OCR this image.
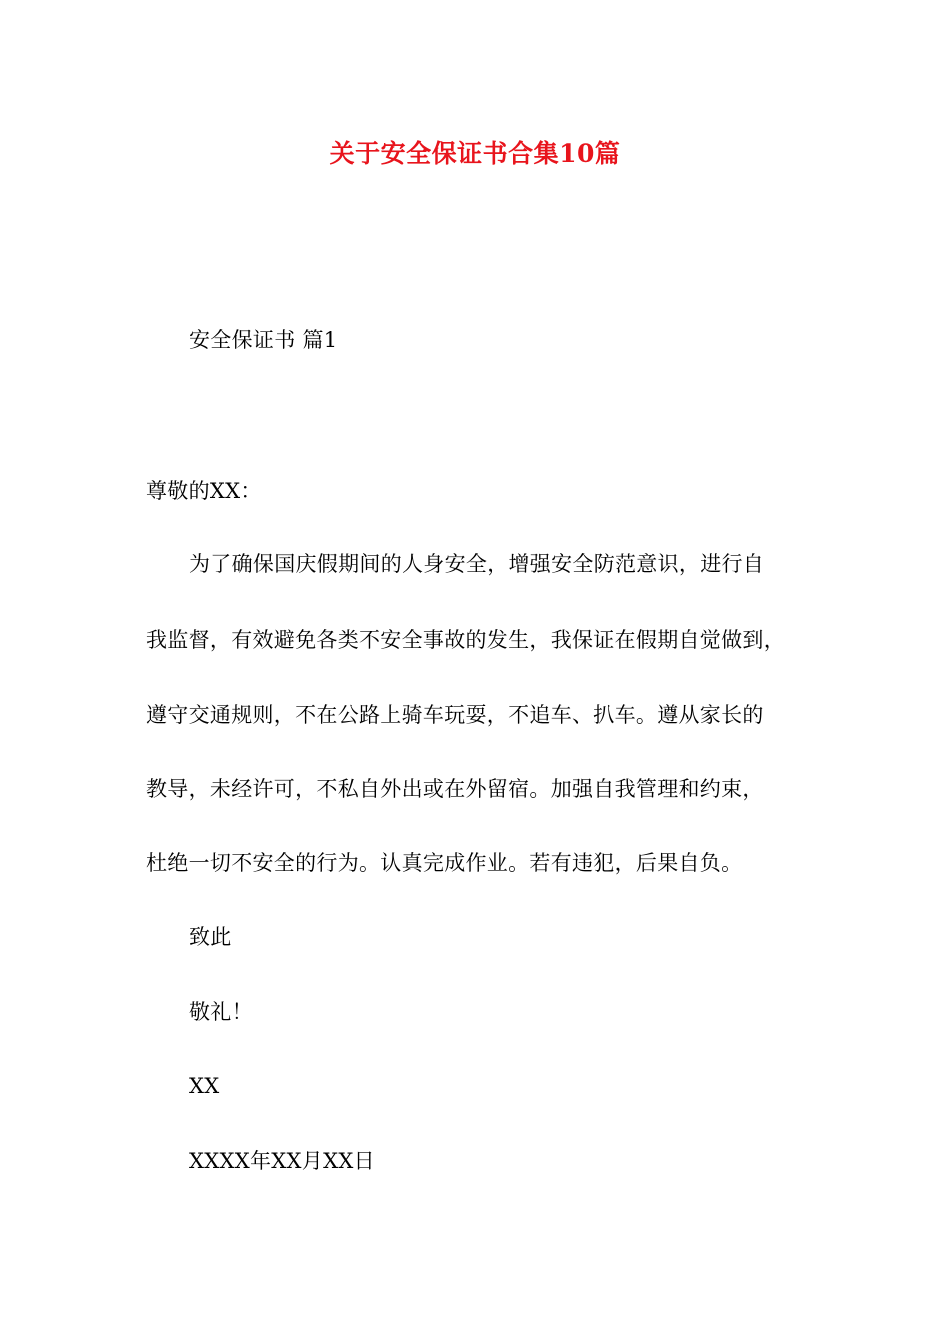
关于安全保证书合集10篇
安全保证书 篇1
尊敬的XX：
为了确保国庆假期间的人身安全，增强安全防范意识，进行自
我监督，有效避免各类不安全事故的发生，我保证在假期自觉做到，
遵守交通规则，不在公路上骑车玩耍，不追车、扒车。遵从家长的
教导，未经许可，不私自外出或在外留宿。加强自我管理和约束，
杜绝一切不安全的行为。认真完成作业。若有违犯，后果自负。
致此
敬礼！
XX
XXXX年XX月XX日
